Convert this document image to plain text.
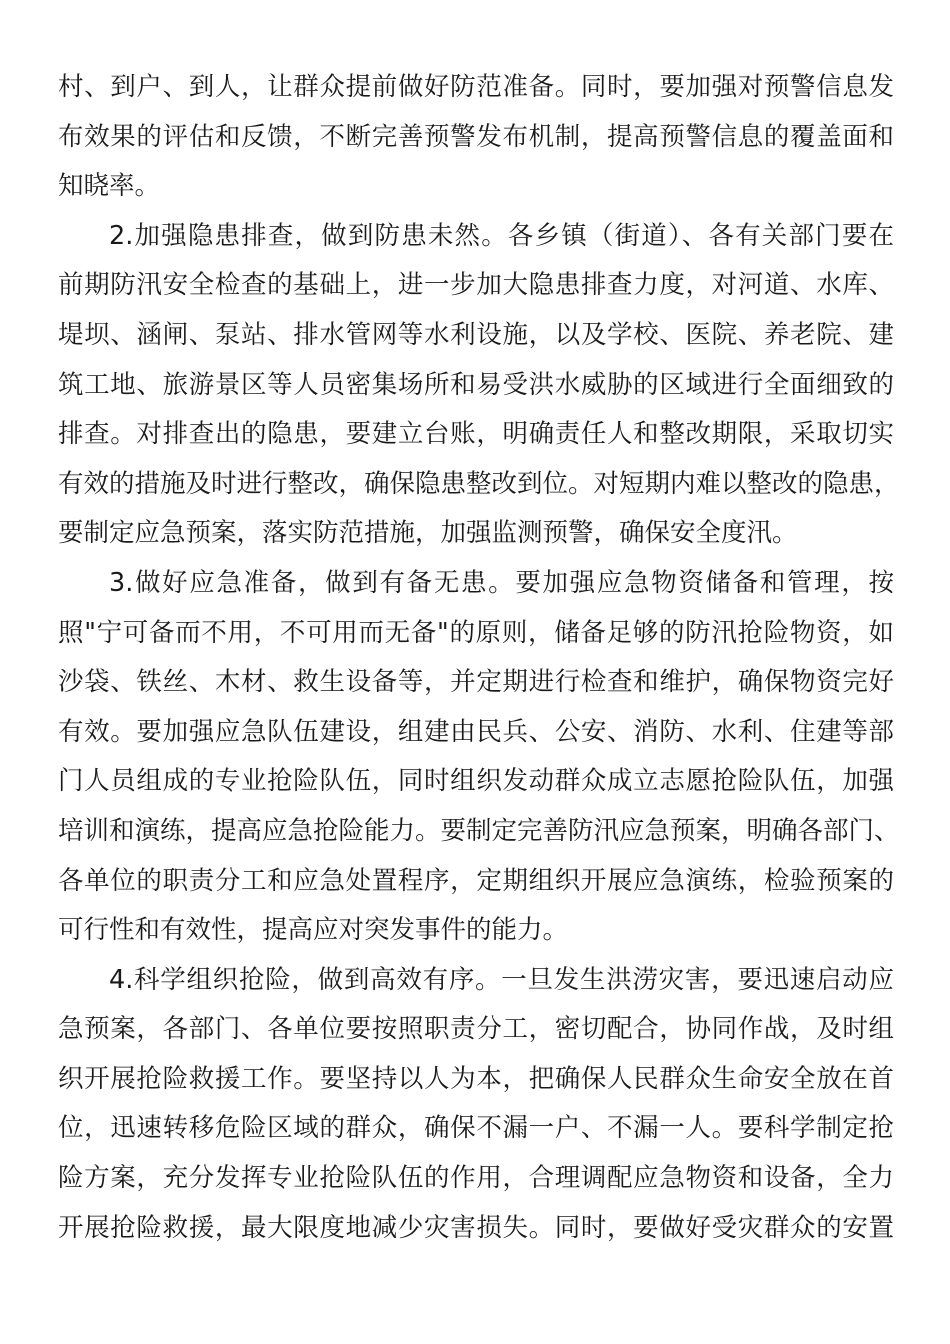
村、到户、到人，让群众提前做好防范准备。同时，要加强对预警信息发
布效果的评估和反馈，不断完善预警发布机制，提高预警信息的覆盖面和
知晓率。
2.加强隐患排查，做到防患未然。各乡镇（街道）、各有关部门要在
前期防汛安全检查的基础上，进一步加大隐患排查力度，对河道、水库、
堤坝、涵闸、泵站、排水管网等水利设施，以及学校、医院、养老院、建
筑工地、旅游景区等人员密集场所和易受洪水威胁的区域进行全面细致的
排查。对排查出的隐患，要建立台账，明确责任人和整改期限，采取切实
有效的措施及时进行整改，确保隐患整改到位。对短期内难以整改的隐患，
要制定应急预案，落实防范措施，加强监测预警，确保安全度汛。
3.做好应急准备，做到有备无患。要加强应急物资储备和管理，按
照"宁可备而不用，不可用而无备"的原则，储备足够的防汛抢险物资，如
沙袋、铁丝、木材、救生设备等，并定期进行检查和维护，确保物资完好
有效。要加强应急队伍建设，组建由民兵、公安、消防、水利、住建等部
门人员组成的专业抢险队伍，同时组织发动群众成立志愿抢险队伍，加强
培训和演练，提高应急抢险能力。要制定完善防汛应急预案，明确各部门、
各单位的职责分工和应急处置程序，定期组织开展应急演练，检验预案的
可行性和有效性，提高应对突发事件的能力。
4.科学组织抢险，做到高效有序。一旦发生洪涝灾害，要迅速启动应
急预案，各部门、各单位要按照职责分工，密切配合，协同作战，及时组
织开展抢险救援工作。要坚持以人为本，把确保人民群众生命安全放在首
位，迅速转移危险区域的群众，确保不漏一户、不漏一人。要科学制定抢
险方案，充分发挥专业抢险队伍的作用，合理调配应急物资和设备，全力
开展抢险救援，最大限度地减少灾害损失。同时，要做好受灾群众的安置
